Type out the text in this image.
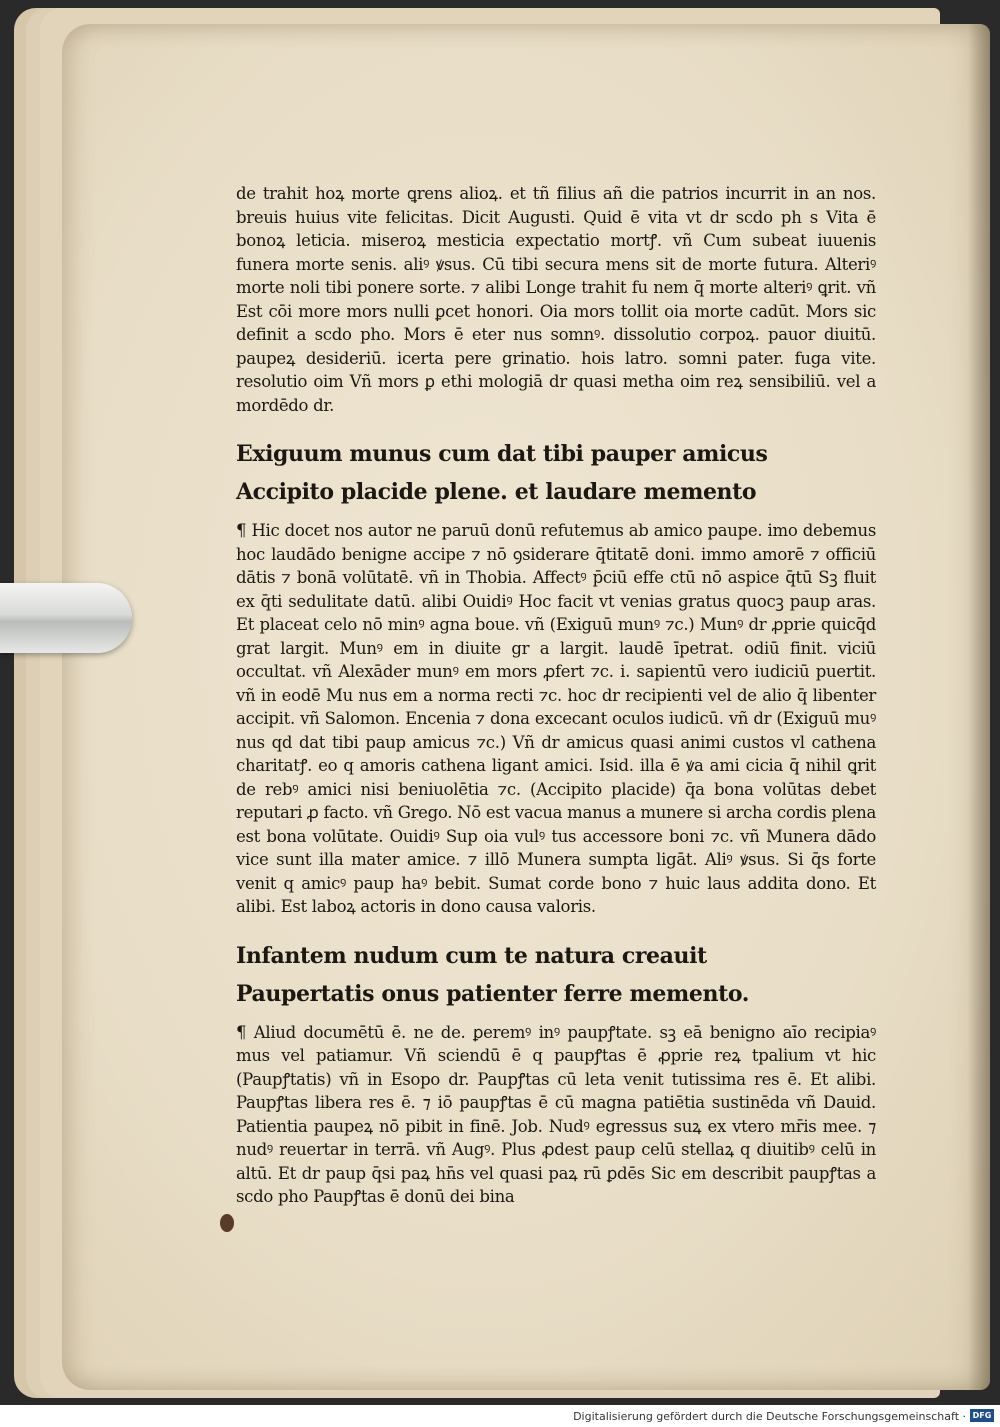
de trahit hoꝝ morte ꝗrens alioꝝ. et tñ filius añ die patrios incurrit in an nos. breuis huius vite felicitas. Dicit Augusti. Quid ē vita vt dr scdo ph s Vita ē bonoꝝ leticia. miseroꝝ mesticia expectatio mortꝭ. vñ Cum subeat iuuenis funera morte senis. aliꝰ ꝟsus. Cū tibi secura mens sit de morte futura. Alteriꝰ morte noli tibi ponere sorte. ⁊ alibi Longe trahit fu nem q̄ morte alteriꝰ ꝗrit. vñ Est cōi more mors nulli ꝑcet honori. Oia mors tollit oia morte cadūt. Mors sic definit a scdo pho. Mors ē eter nus somnꝰ. dissolutio corpoꝝ. pauor diuitū. paupeꝝ desideriū. icerta pere grinatio. hois latro. somni pater. fuga vite. resolutio oim Vñ mors ꝑ ethi mologiā dr quasi metha oim reꝝ sensibiliū. vel a mordēdo dr.

Exiguum munus cum dat tibi pauper amicus
Accipito placide plene. et laudare memento

¶ Hic docet nos autor ne paruū donū refutemus ab amico paupe. imo debemus hoc laudādo benigne accipe ⁊ nō ꝯsiderare q̄titatē doni. immo amorē ⁊ officiū dātis ⁊ bonā volūtatē. vñ in Thobia. Affectꝰ p̄ciū effe ctū nō aspice q̄tū Sꝫ fluit ex q̄ti sedulitate datū. alibi Ouidiꝰ Hoc facit vt venias gratus quocꝫ paup aras. Et placeat celo nō minꝰ agna boue. vñ (Exiguū munꝰ ⁊c.) Munꝰ dr ꝓprie quicq̄d grat largit. Munꝰ em in diuite gr a largit. laudē īpetrat. odiū finit. viciū occultat. vñ Alexāder munꝰ em mors ꝓfert ⁊c. i. sapientū vero iudiciū puertit. vñ in eodē Mu nus em a norma recti ⁊c. hoc dr recipienti vel de alio q̄ libenter accipit. vñ Salomon. Encenia ⁊ dona excecant oculos iudicū. vñ dr (Exiguū muꝰ nus qd dat tibi paup amicus ⁊c.) Vñ dr amicus quasi animi custos vl cathena charitatꝭ. eo q amoris cathena ligant amici. Isid. illa ē ꝟa ami cicia q̄ nihil ꝗrit de rebꝰ amici nisi beniuolētia ⁊c. (Accipito placide) q̄a bona volūtas debet reputari ꝓ facto. vñ Grego. Nō est vacua manus a munere si archa cordis plena est bona volūtate. Ouidiꝰ Sup oia vulꝰ tus accessore boni ⁊c. vñ Munera dādo vice sunt illa mater amice. ⁊ illō Munera sumpta ligāt. Aliꝰ ꝟsus. Si q̄s forte venit q amicꝰ paup haꝰ bebit. Sumat corde bono ⁊ huic laus addita dono. Et alibi. Est laboꝝ actoris in dono causa valoris.

Infantem nudum cum te natura creauit
Paupertatis onus patienter ferre memento.

¶ Aliud documētū ē. ne de. ꝑeremꝰ inꝰ paupꝭtate. sꝫ eā benigno aīo recipiaꝰ mus vel patiamur. Vñ sciendū ē q paupꝭtas ē ꝓprie reꝝ tpalium vt hic (Paupꝭtatis) vñ in Esopo dr. Paupꝭtas cū leta venit tutissima res ē. Et alibi. Paupꝭtas libera res ē. ⁊ iō paupꝭtas ē cū magna patiētia sustinēda vñ Dauid. Patientia paupeꝝ nō pibit in finē. Job. Nudꝰ egressus suꝝ ex vtero mr̄is mee. ⁊ nudꝰ reuertar in terrā. vñ Augꝰ. Plus ꝓdest paup celū stellaꝝ q diuitibꝰ celū in altū. Et dr paup q̄si paꝝ hn̄s vel quasi paꝝ rū ꝑdēs Sic em describit paupꝭtas a scdo pho Paupꝭtas ē donū dei bina

Digitalisierung gefördert durch die Deutsche Forschungsgemeinschaft · DFG
